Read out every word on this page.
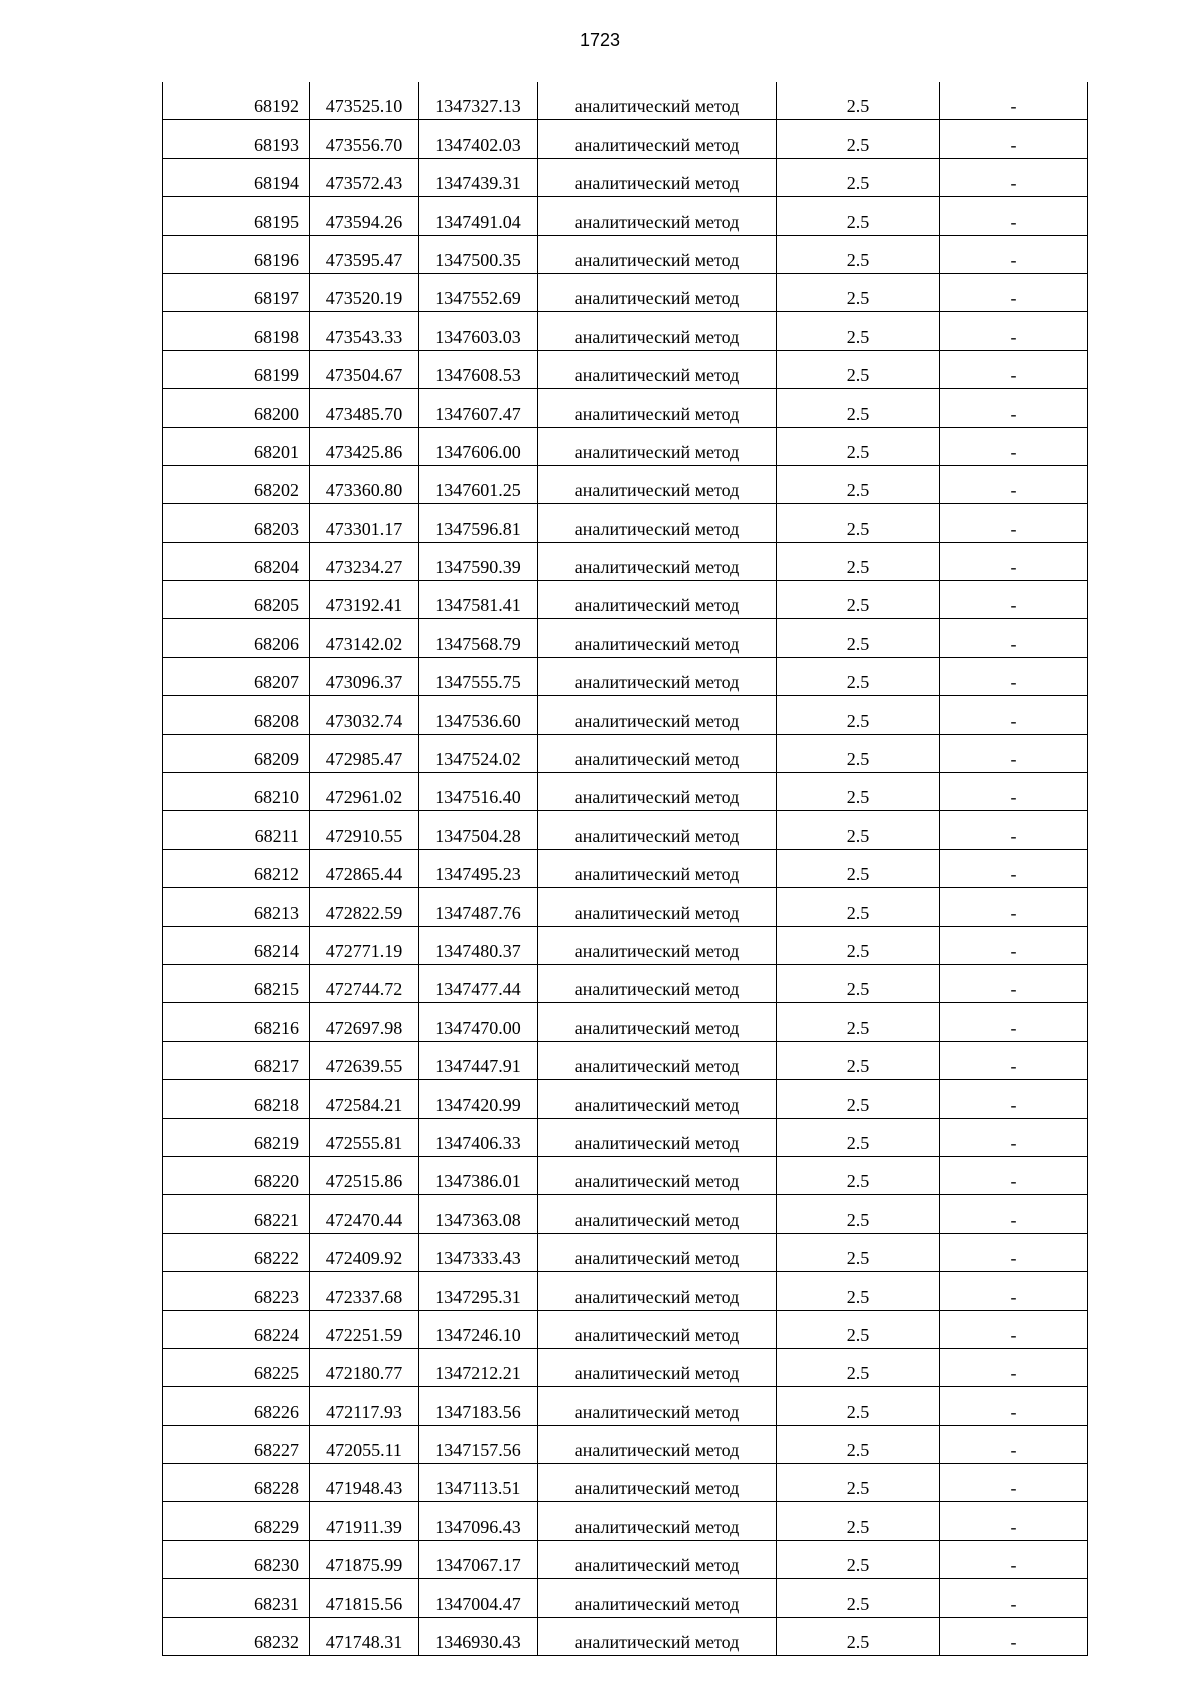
1723
68192	473525.10	1347327.13	аналитический метод	2.5	-
68193	473556.70	1347402.03	аналитический метод	2.5	-
68194	473572.43	1347439.31	аналитический метод	2.5	-
68195	473594.26	1347491.04	аналитический метод	2.5	-
68196	473595.47	1347500.35	аналитический метод	2.5	-
68197	473520.19	1347552.69	аналитический метод	2.5	-
68198	473543.33	1347603.03	аналитический метод	2.5	-
68199	473504.67	1347608.53	аналитический метод	2.5	-
68200	473485.70	1347607.47	аналитический метод	2.5	-
68201	473425.86	1347606.00	аналитический метод	2.5	-
68202	473360.80	1347601.25	аналитический метод	2.5	-
68203	473301.17	1347596.81	аналитический метод	2.5	-
68204	473234.27	1347590.39	аналитический метод	2.5	-
68205	473192.41	1347581.41	аналитический метод	2.5	-
68206	473142.02	1347568.79	аналитический метод	2.5	-
68207	473096.37	1347555.75	аналитический метод	2.5	-
68208	473032.74	1347536.60	аналитический метод	2.5	-
68209	472985.47	1347524.02	аналитический метод	2.5	-
68210	472961.02	1347516.40	аналитический метод	2.5	-
68211	472910.55	1347504.28	аналитический метод	2.5	-
68212	472865.44	1347495.23	аналитический метод	2.5	-
68213	472822.59	1347487.76	аналитический метод	2.5	-
68214	472771.19	1347480.37	аналитический метод	2.5	-
68215	472744.72	1347477.44	аналитический метод	2.5	-
68216	472697.98	1347470.00	аналитический метод	2.5	-
68217	472639.55	1347447.91	аналитический метод	2.5	-
68218	472584.21	1347420.99	аналитический метод	2.5	-
68219	472555.81	1347406.33	аналитический метод	2.5	-
68220	472515.86	1347386.01	аналитический метод	2.5	-
68221	472470.44	1347363.08	аналитический метод	2.5	-
68222	472409.92	1347333.43	аналитический метод	2.5	-
68223	472337.68	1347295.31	аналитический метод	2.5	-
68224	472251.59	1347246.10	аналитический метод	2.5	-
68225	472180.77	1347212.21	аналитический метод	2.5	-
68226	472117.93	1347183.56	аналитический метод	2.5	-
68227	472055.11	1347157.56	аналитический метод	2.5	-
68228	471948.43	1347113.51	аналитический метод	2.5	-
68229	471911.39	1347096.43	аналитический метод	2.5	-
68230	471875.99	1347067.17	аналитический метод	2.5	-
68231	471815.56	1347004.47	аналитический метод	2.5	-
68232	471748.31	1346930.43	аналитический метод	2.5	-
